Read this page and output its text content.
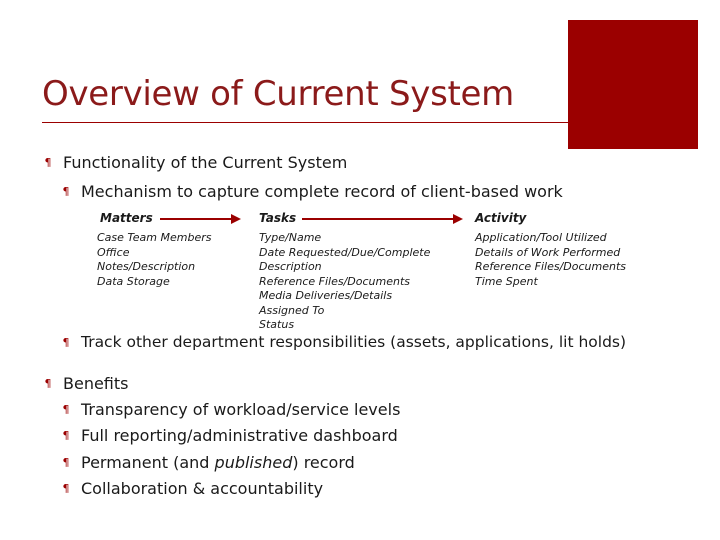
Overview of Current System
¶ Functionality of the Current System
¶ Mechanism to capture complete record of client-based work
Matters	Tasks	Activity
Case Team Members
Office
Notes/Description
Data Storage
Type/Name
Date Requested/Due/Complete
Description
Reference Files/Documents
Media Deliveries/Details
Assigned To
Status
Application/Tool Utilized
Details of Work Performed
Reference Files/Documents
Time Spent
¶ Track other department responsibilities (assets, applications, lit holds)
¶ Benefits
¶ Transparency of workload/service levels
¶ Full reporting/administrative dashboard
¶ Permanent (and published) record
¶ Collaboration & accountability
